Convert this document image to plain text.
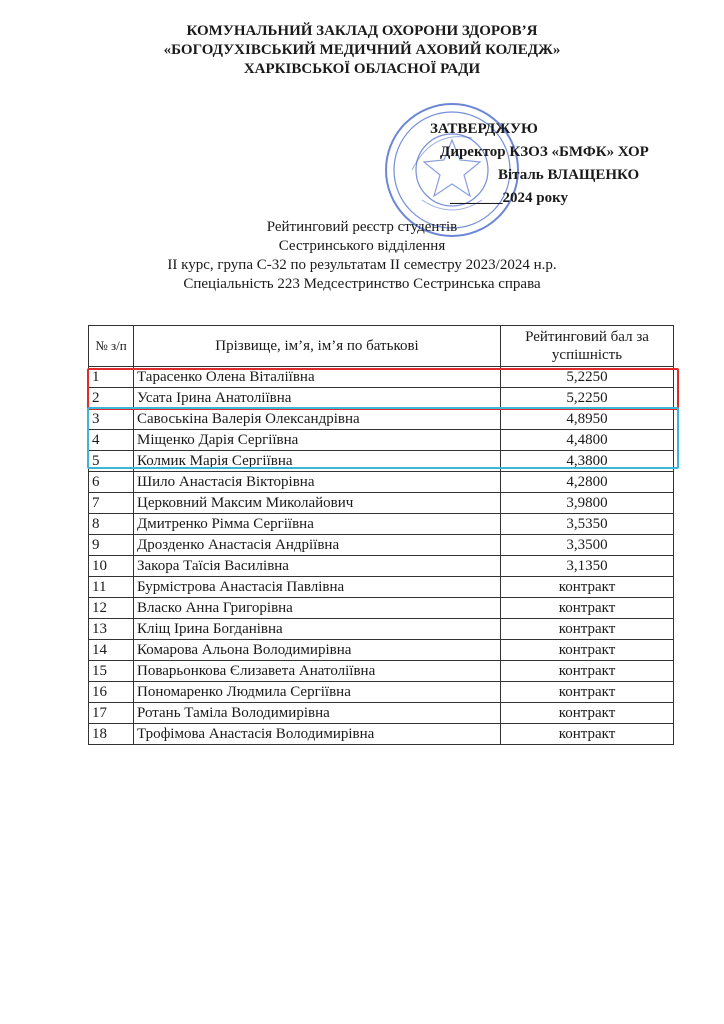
КОМУНАЛЬНИЙ ЗАКЛАД ОХОРОНИ ЗДОРОВ’Я
«БОГОДУХІВСЬКИЙ МЕДИЧНИЙ АХОВИЙ КОЛЕДЖ»
ХАРКІВСЬКОЇ ОБЛАСНОЇ РАДИ
ЗАТВЕРДЖУЮ
Директор КЗОЗ «БМФК» ХОР
Віталь ВЛАЩЕНКО
_______2024 року
Рейтинговий реєстр студентів
Сестринського відділення
II курс, група С-32 по результатам II семестру 2023/2024 н.р.
Спеціальність 223 Медсестринство Сестринська справа
№ з/п	Прізвище, ім’я, ім’я по батькові	Рейтинговий бал за успішність
1	Тарасенко Олена Віталіївна	5,2250
2	Усата Ірина Анатоліївна	5,2250
3	Савоськіна Валерія Олександрівна	4,8950
4	Міщенко Дарія Сергіївна	4,4800
5	Колмик Марія Сергіївна	4,3800
6	Шило Анастасія Вікторівна	4,2800
7	Церковний Максим Миколайович	3,9800
8	Дмитренко Рімма Сергіївна	3,5350
9	Дрозденко Анастасія Андріївна	3,3500
10	Закора Таїсія Василівна	3,1350
11	Бурмістрова Анастасія Павлівна	контракт
12	Власко Анна Григорівна	контракт
13	Кліщ Ірина Богданівна	контракт
14	Комарова Альона Володимирівна	контракт
15	Поварьонкова Єлизавета Анатоліївна	контракт
16	Пономаренко Людмила Сергіївна	контракт
17	Ротань Таміла Володимирівна	контракт
18	Трофімова Анастасія Володимирівна	контракт
